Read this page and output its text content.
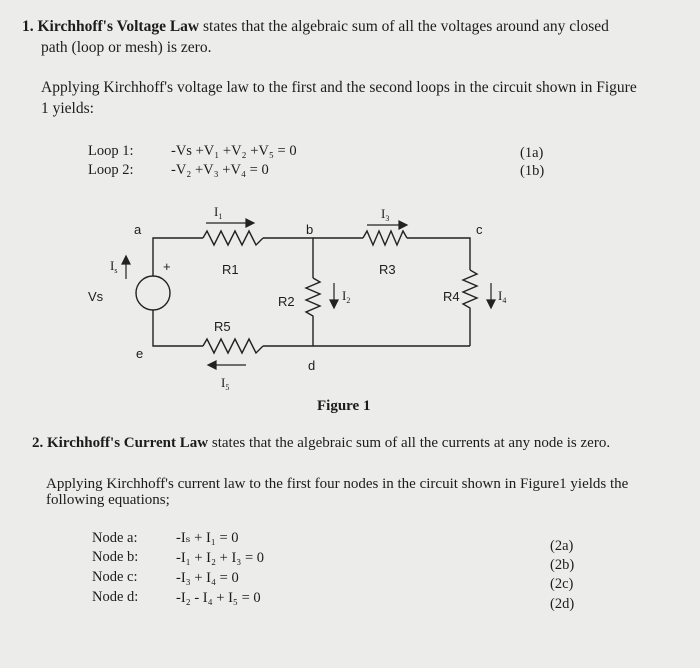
1. Kirchhoff's Voltage Law states that the algebraic sum of all the voltages around any closed
path (loop or mesh) is zero.
Applying Kirchhoff's voltage law to the first and the second loops in the circuit shown in Figure
1 yields:
Loop 1:	-Vs +V₁ +V₂ +V₅ = 0	(1a)
Loop 2:	-V₂ +V₃ +V₄ = 0	(1b)
a	b	c
d
e
R1
R2
R3
R4
R5
Vs
+
$I_s$
$I_1$
$I_2$
$I_3$
$I_4$
$I_5$
Figure 1
2. Kirchhoff's Current Law states that the algebraic sum of all the currents at any node is zero.
Applying Kirchhoff's current law to the first four nodes in the circuit shown in Figure1 yields the
following equations;
Node a:	-Iₛ + I₁ = 0	(2a)
Node b:	-I₁ + I₂ + I₃ = 0	(2b)
Node c:	-I₃ + I₄ = 0	(2c)
Node d:	-I₂ - I₄ + I₅ = 0	(2d)
